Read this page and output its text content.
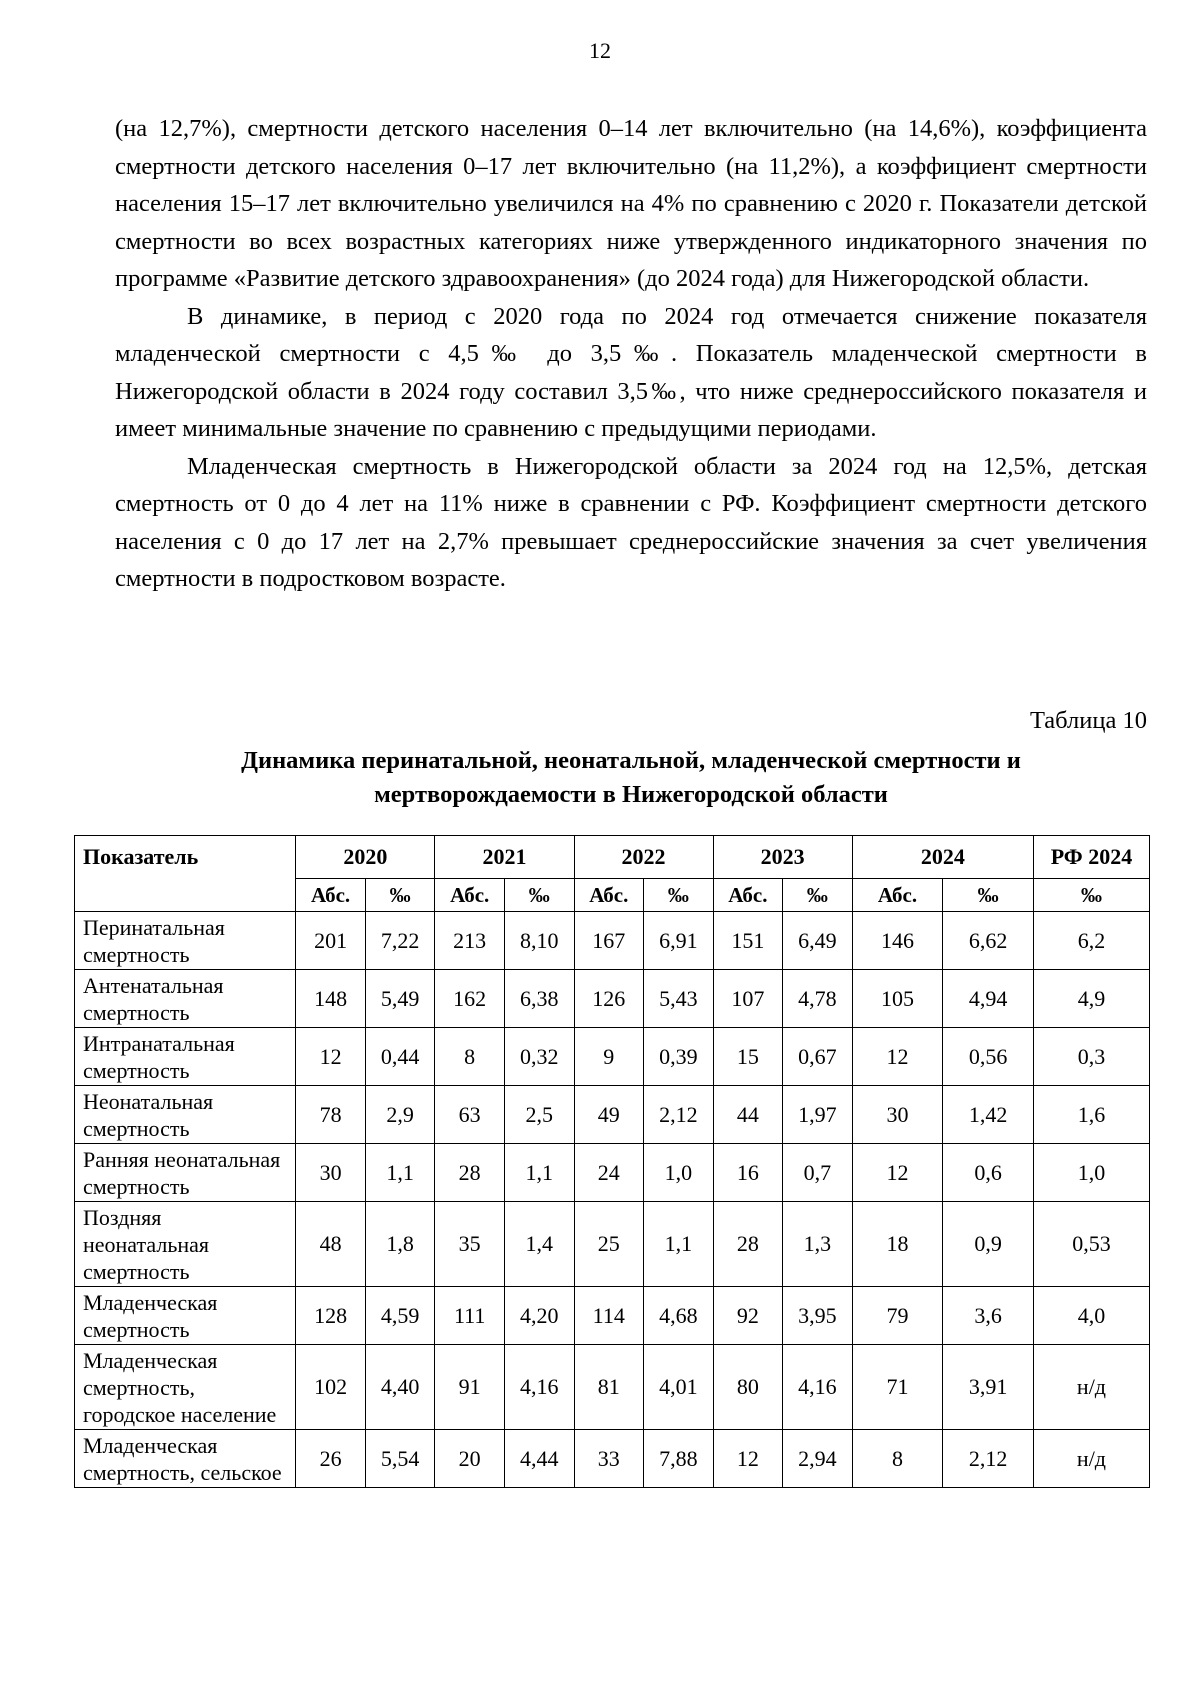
12

(на 12,7%), смертности детского населения 0–14 лет включительно (на 14,6%), коэффициента смертности детского населения 0–17 лет включительно (на 11,2%), а коэффициент смертности населения 15–17 лет включительно увеличился на 4% по сравнению с 2020 г. Показатели детской смертности во всех возрастных категориях ниже утвержденного индикаторного значения по программе «Развитие детского здравоохранения» (до 2024 года) для Нижегородской области.

В динамике, в период с 2020 года по 2024 год отмечается снижение показателя младенческой смертности с 4,5‰ до 3,5‰. Показатель младенческой смертности в Нижегородской области в 2024 году составил 3,5‰, что ниже среднероссийского показателя и имеет минимальные значение по сравнению с предыдущими периодами.

Младенческая смертность в Нижегородской области за 2024 год на 12,5%, детская смертность от 0 до 4 лет на 11% ниже в сравнении с РФ. Коэффициент смертности детского населения с 0 до 17 лет на 2,7% превышает среднероссийские значения за счет увеличения смертности в подростковом возрасте.

Таблица 10
Динамика перинатальной, неонатальной, младенческой смертности и
мертворождаемости в Нижегородской области
Показатель	2020		2021		2022		2023		2024		РФ 2024
	Абс.	‰	Абс.	‰	Абс.	‰	Абс.	‰	Абс.	‰	‰
Перинатальная смертность	201	7,22	213	8,10	167	6,91	151	6,49	146	6,62	6,2
Антенатальная смертность	148	5,49	162	6,38	126	5,43	107	4,78	105	4,94	4,9
Интранатальная смертность	12	0,44	8	0,32	9	0,39	15	0,67	12	0,56	0,3
Неонатальная смертность	78	2,9	63	2,5	49	2,12	44	1,97	30	1,42	1,6
Ранняя неонатальная смертность	30	1,1	28	1,1	24	1,0	16	0,7	12	0,6	1,0
Поздняя неонатальная смертность	48	1,8	35	1,4	25	1,1	28	1,3	18	0,9	0,53
Младенческая смертность	128	4,59	111	4,20	114	4,68	92	3,95	79	3,6	4,0
Младенческая смертность, городское население	102	4,40	91	4,16	81	4,01	80	4,16	71	3,91	н/д
Младенческая смертность, сельское	26	5,54	20	4,44	33	7,88	12	2,94	8	2,12	н/д
